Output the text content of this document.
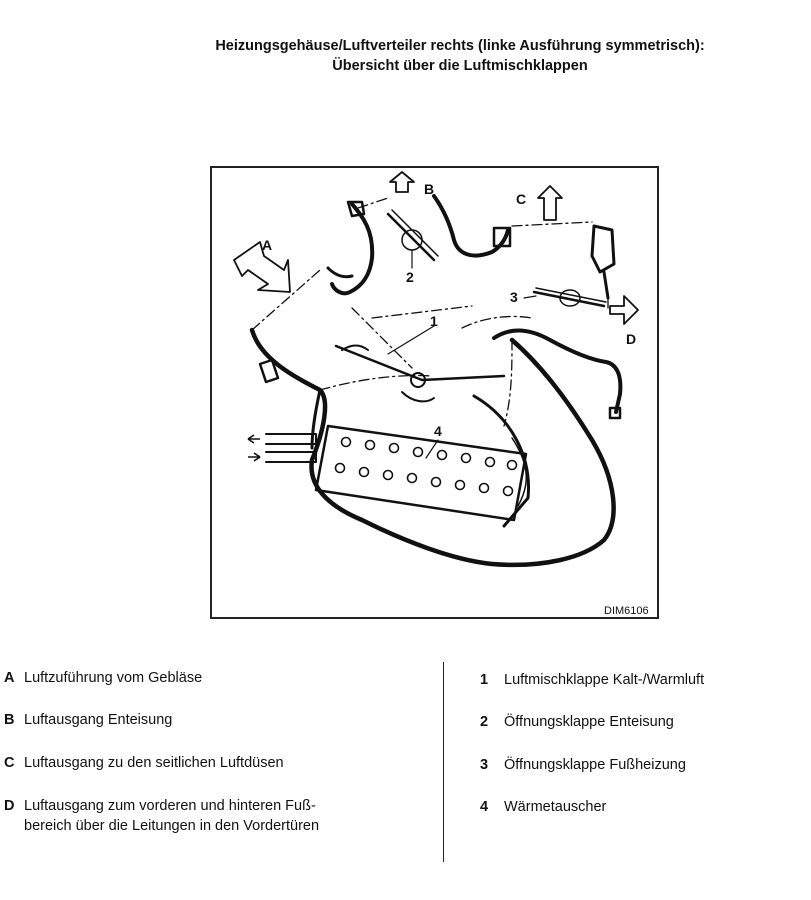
Heizungsgehäuse/Luftverteiler rechts (linke Ausführung symmetrisch):
Übersicht über die Luftmischklappen
A
B
C
D
1
2
3
4
DIM6106
A Luftzuführung vom Gebläse
B Luftausgang Enteisung
C Luftausgang zu den seitlichen Luftdüsen
D Luftausgang zum vorderen und hinteren Fuß-
bereich über die Leitungen in den Vordertüren
1 Luftmischklappe Kalt-/Warmluft
2 Öffnungsklappe Enteisung
3 Öffnungsklappe Fußheizung
4 Wärmetauscher
